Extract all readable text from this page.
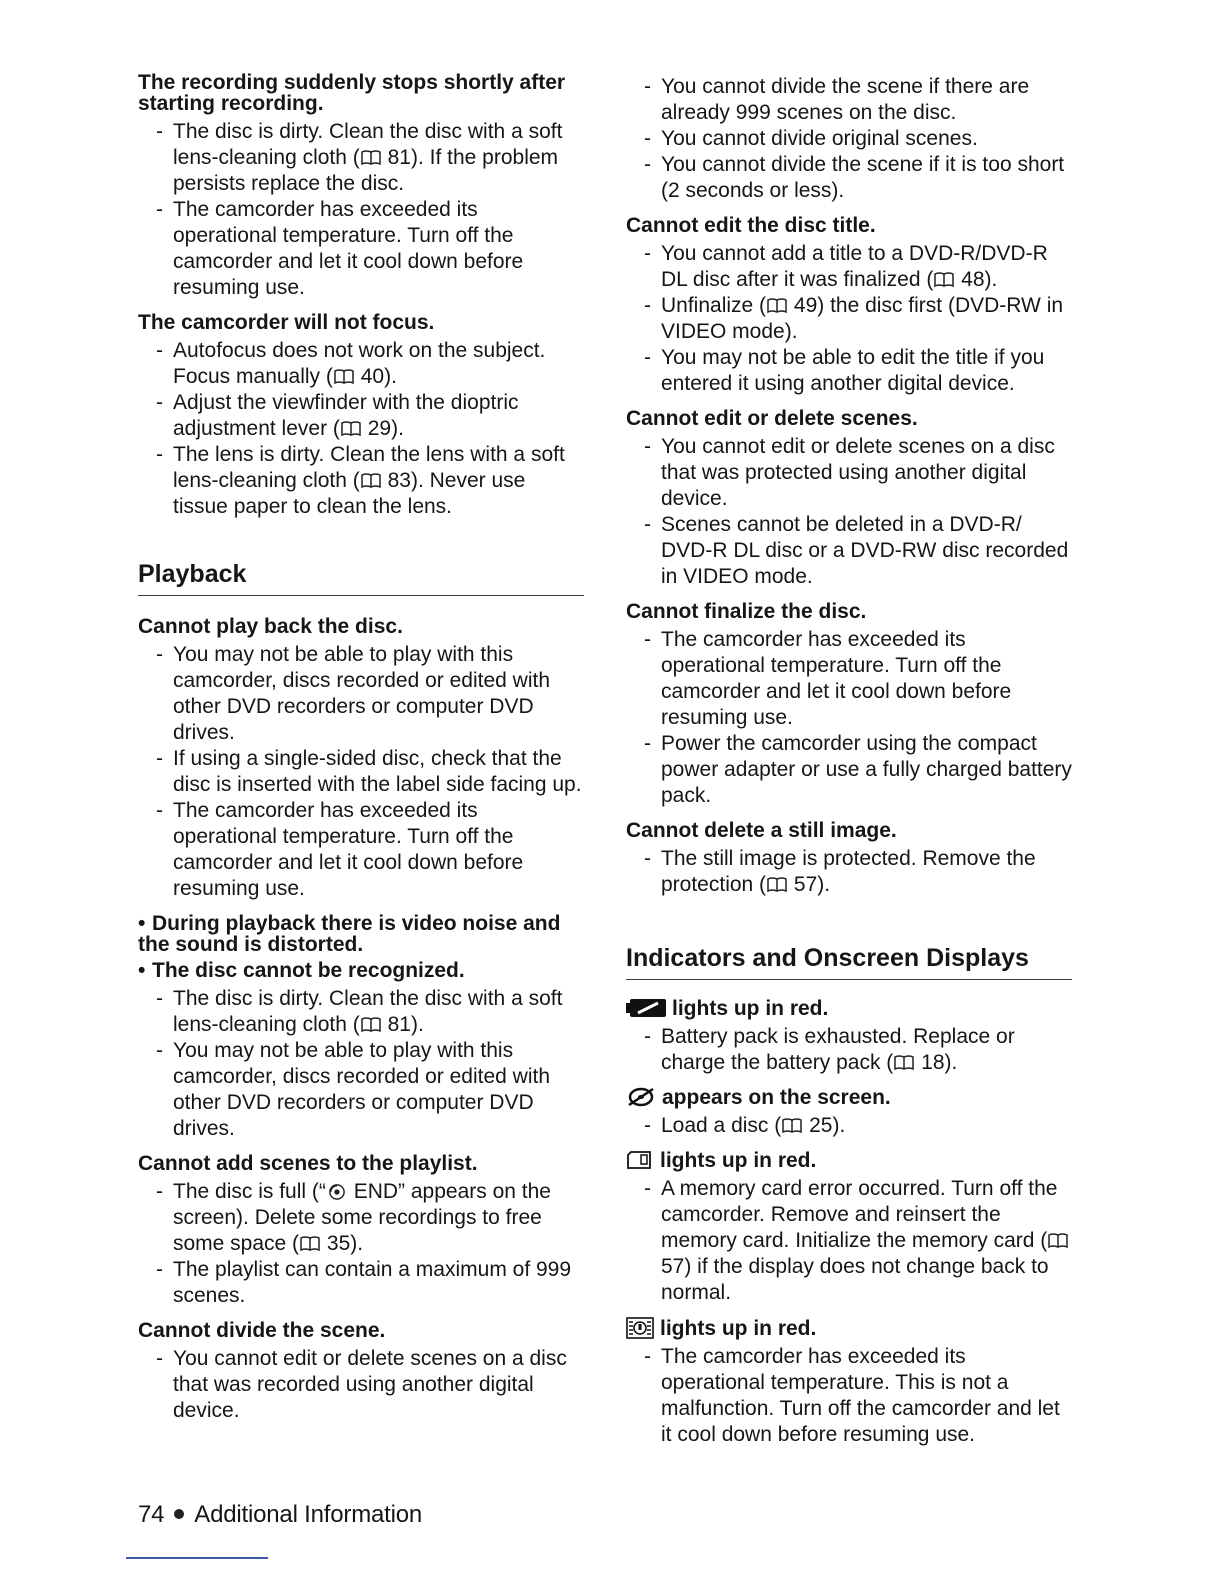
The recording suddenly stops shortly after starting recording.

- The disc is dirty. Clean the disc with a soft lens-cleaning cloth ( 81). If the problem persists replace the disc.

- The camcorder has exceeded its operational temperature. Turn off the camcorder and let it cool down before resuming use.

The camcorder will not focus.

- Autofocus does not work on the subject. Focus manually ( 40).

- Adjust the viewfinder with the dioptric adjustment lever ( 29).

- The lens is dirty. Clean the lens with a soft lens-cleaning cloth ( 83). Never use tissue paper to clean the lens.

Playback

Cannot play back the disc.

- You may not be able to play with this camcorder, discs recorded or edited with other DVD recorders or computer DVD drives.

- If using a single-sided disc, check that the disc is inserted with the label side facing up.

- The camcorder has exceeded its operational temperature. Turn off the camcorder and let it cool down before resuming use.

• During playback there is video noise and the sound is distorted.

• The disc cannot be recognized.

- The disc is dirty. Clean the disc with a soft lens-cleaning cloth ( 81).

- You may not be able to play with this camcorder, discs recorded or edited with other DVD recorders or computer DVD drives.

Cannot add scenes to the playlist.

- The disc is full (“ END” appears on the screen). Delete some recordings to free some space ( 35).

- The playlist can contain a maximum of 999 scenes.

Cannot divide the scene.

- You cannot edit or delete scenes on a disc that was recorded using another digital device.

- You cannot divide the scene if there are already 999 scenes on the disc.

- You cannot divide original scenes.

- You cannot divide the scene if it is too short (2 seconds or less).

Cannot edit the disc title.

- You cannot add a title to a DVD-R/DVD-R DL disc after it was finalized ( 48).

- Unfinalize ( 49) the disc first (DVD-RW in VIDEO mode).

- You may not be able to edit the title if you entered it using another digital device.

Cannot edit or delete scenes.

- You cannot edit or delete scenes on a disc that was protected using another digital device.

- Scenes cannot be deleted in a DVD-R/ DVD-R DL disc or a DVD-RW disc recorded in VIDEO mode.

Cannot finalize the disc.

- The camcorder has exceeded its operational temperature. Turn off the camcorder and let it cool down before resuming use.

- Power the camcorder using the compact power adapter or use a fully charged battery pack.

Cannot delete a still image.

- The still image is protected. Remove the protection ( 57).

Indicators and Onscreen Displays

lights up in red.

- Battery pack is exhausted. Replace or charge the battery pack ( 18).

appears on the screen.

- Load a disc ( 25).

lights up in red.

- A memory card error occurred. Turn off the camcorder. Remove and reinsert the memory card. Initialize the memory card ( 57) if the display does not change back to normal.

lights up in red.

- The camcorder has exceeded its operational temperature. This is not a malfunction. Turn off the camcorder and let it cool down before resuming use.

74 Additional Information
